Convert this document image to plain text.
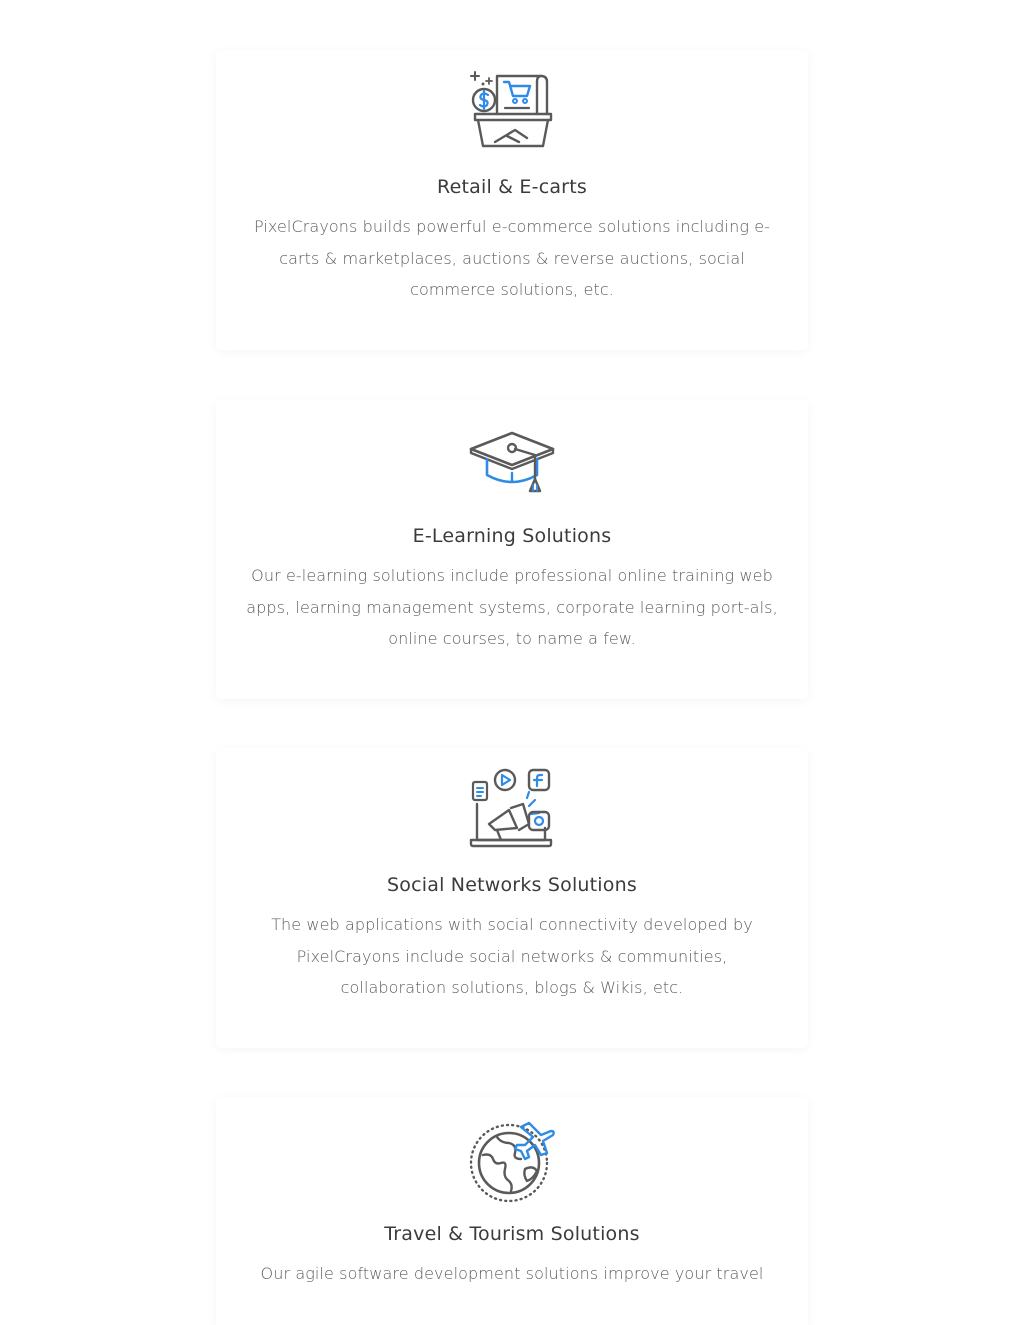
Retail & E-carts
PixelCrayons builds powerful e-commerce solutions including e-
carts & marketplaces, auctions & reverse auctions, social
commerce solutions, etc.
E-Learning Solutions
Our e-learning solutions include professional online training web
apps, learning management systems, corporate learning port-als,
online courses, to name a few.
Social Networks Solutions
The web applications with social connectivity developed by
PixelCrayons include social networks & communities,
collaboration solutions, blogs & Wikis, etc.
Travel & Tourism Solutions
Our agile software development solutions improve your travel
